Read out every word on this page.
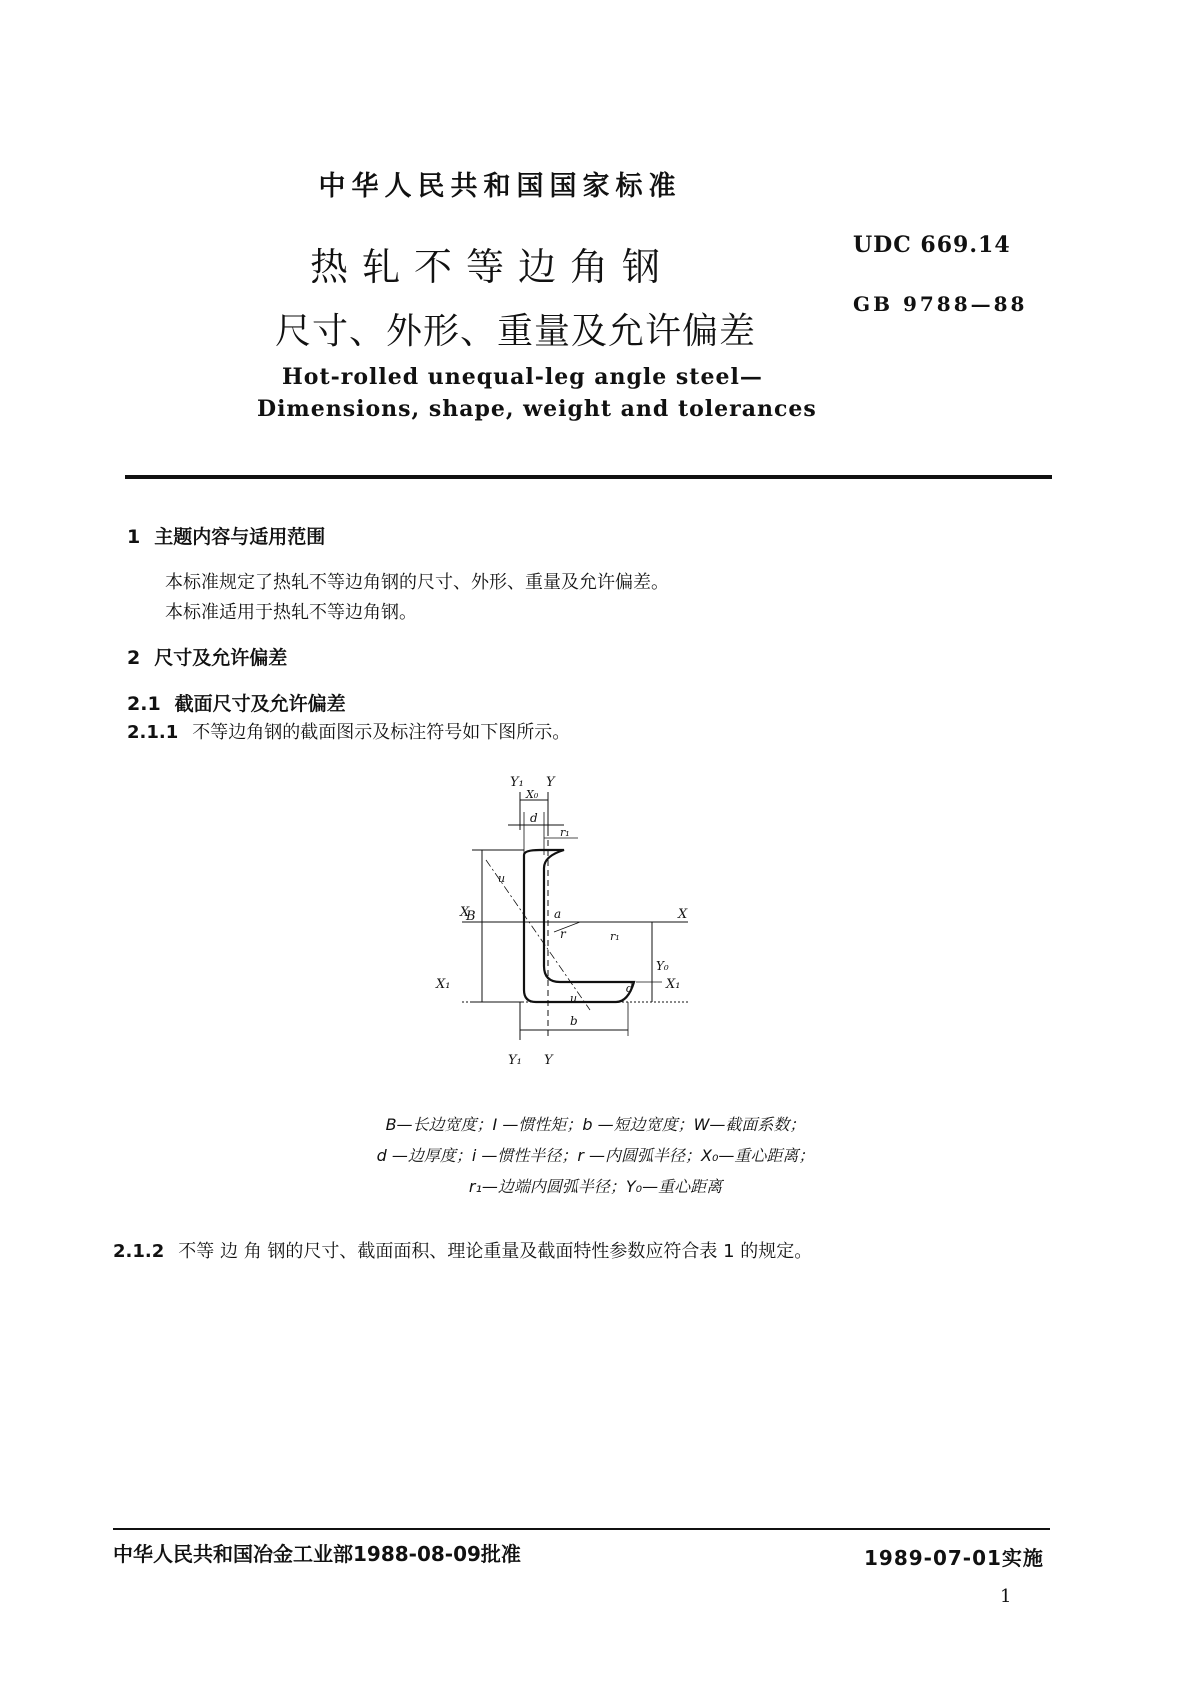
中华人民共和国国家标准
热轧不等边角钢
尺寸、外形、重量及允许偏差
Hot-rolled unequal-leg angle steel—
Dimensions, shape, weight and tolerances
UDC 669.14
GB 9788—88
1 主题内容与适用范围
本标准规定了热轧不等边角钢的尺寸、外形、重量及允许偏差。
本标准适用于热轧不等边角钢。
2 尺寸及允许偏差
2.1 截面尺寸及允许偏差
2.1.1 不等边角钢的截面图示及标注符号如下图所示。
Y₁
X₀
Y
d
r₁
u
B
X	X
a
r	r₁
Y₀
d
X₁	X₁
u
b
Y₁ Y
B—长边宽度；I —惯性矩；b —短边宽度；W—截面系数；
d —边厚度；i —惯性半径；r —内圆弧半径；X₀—重心距离；
r₁—边端内圆弧半径；Y₀—重心距离
2.1.2 不等 边 角 钢的尺寸、截面面积、理论重量及截面特性参数应符合表 1 的规定。
中华人民共和国冶金工业部1988-08-09批准	1989-07-01实施
1
